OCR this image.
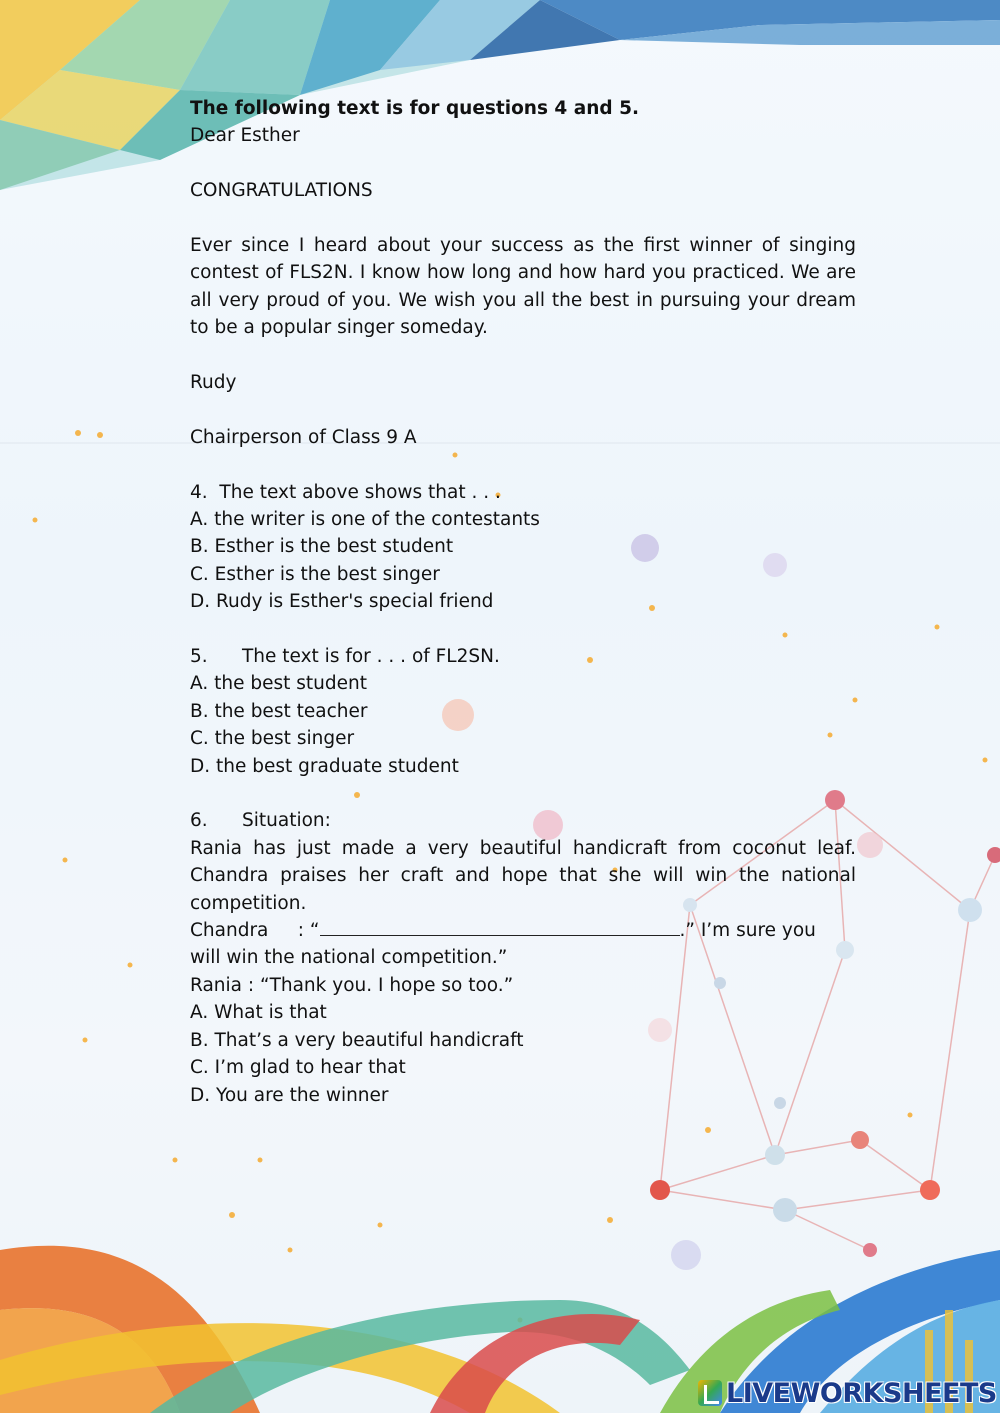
The following text is for questions 4 and 5.

Dear Esther

CONGRATULATIONS

Ever since I heard about your success as the first winner of singing contest of FLS2N. I know how long and how hard you practiced. We are all very proud of you. We wish you all the best in pursuing your dream to be a popular singer someday.

Rudy

Chairperson of Class 9 A

4. The text above shows that . . .

A. the writer is one of the contestants

B. Esther is the best student

C. Esther is the best singer

D. Rudy is Esther's special friend

5. The text is for . . . of FL2SN.

A. the best student

B. the best teacher

C. the best singer

D. the best graduate student

6. Situation:

Rania has just made a very beautiful handicraft from coconut leaf. Chandra praises her craft and hope that she will win the national competition.

Chandra : “	.” I’m sure you

will win the national competition.”

Rania : “Thank you. I hope so too.”

A. What is that

B. That’s a very beautiful handicraft

C. I’m glad to hear that

D. You are the winner

LIVEWORKSHEETS
